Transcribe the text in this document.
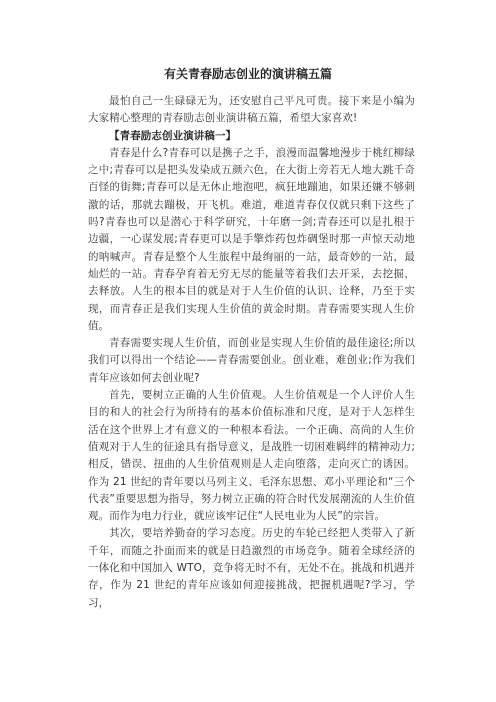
有关青春励志创业的演讲稿五篇

最怕自己一生碌碌无为，还安慰自己平凡可贵。接下来是小编为大家精心整理的青春励志创业演讲稿五篇，希望大家喜欢!

【青春励志创业演讲稿一】

青春是什么?青春可以是携子之手，浪漫而温馨地漫步于桃红柳绿之中;青春可以是把头发染成五颜六色，在大街上旁若无人地大跳千奇百怪的街舞;青春可以是无休止地泡吧，疯狂地蹦迪，如果还嫌不够刺激的话，那就去蹦极，开飞机。难道，难道青春仅仅就只剩下这些了吗?青春也可以是潜心于科学研究，十年磨一剑;青春还可以是扎根于边疆，一心谋发展;青春更可以是手擎炸药包炸碉堡时那一声惊天动地的呐喊声。青春是整个人生旅程中最绚丽的一站，最奇妙的一站，最灿烂的一站。青春孕育着无穷无尽的能量等着我们去开采，去挖掘，去释放。人生的根本目的就是对于人生价值的认识、诠释，乃至于实现，而青春正是我们实现人生价值的黄金时期。青春需要实现人生价值。

青春需要实现人生价值，而创业是实现人生价值的最佳途径;所以我们可以得出一个结论——青春需要创业。创业难，难创业;作为我们青年应该如何去创业呢?

首先，要树立正确的人生价值观。人生价值观是一个人评价人生目的和人的社会行为所持有的基本价值标准和尺度，是对于人怎样生活在这个世界上才有意义的一种根本看法。一个正确、高尚的人生价值观对于人生的征途具有指导意义，是战胜一切困难羁绊的精神动力;相反，错误、扭曲的人生价值观则是人走向堕落，走向灭亡的诱因。作为 21 世纪的青年要以马列主义、毛泽东思想、邓小平理论和“三个代表”重要思想为指导，努力树立正确的符合时代发展潮流的人生价值观。而作为电力行业，就应该牢记住“人民电业为人民”的宗旨。

其次，要培养勤奋的学习态度。历史的车轮已经把人类带入了新千年，而随之扑面而来的就是日趋激烈的市场竞争。随着全球经济的一体化和中国加入 WTO，竞争将无时不有，无处不在。挑战和机遇并存，作为 21 世纪的青年应该如何迎接挑战，把握机遇呢?学习，学习，
